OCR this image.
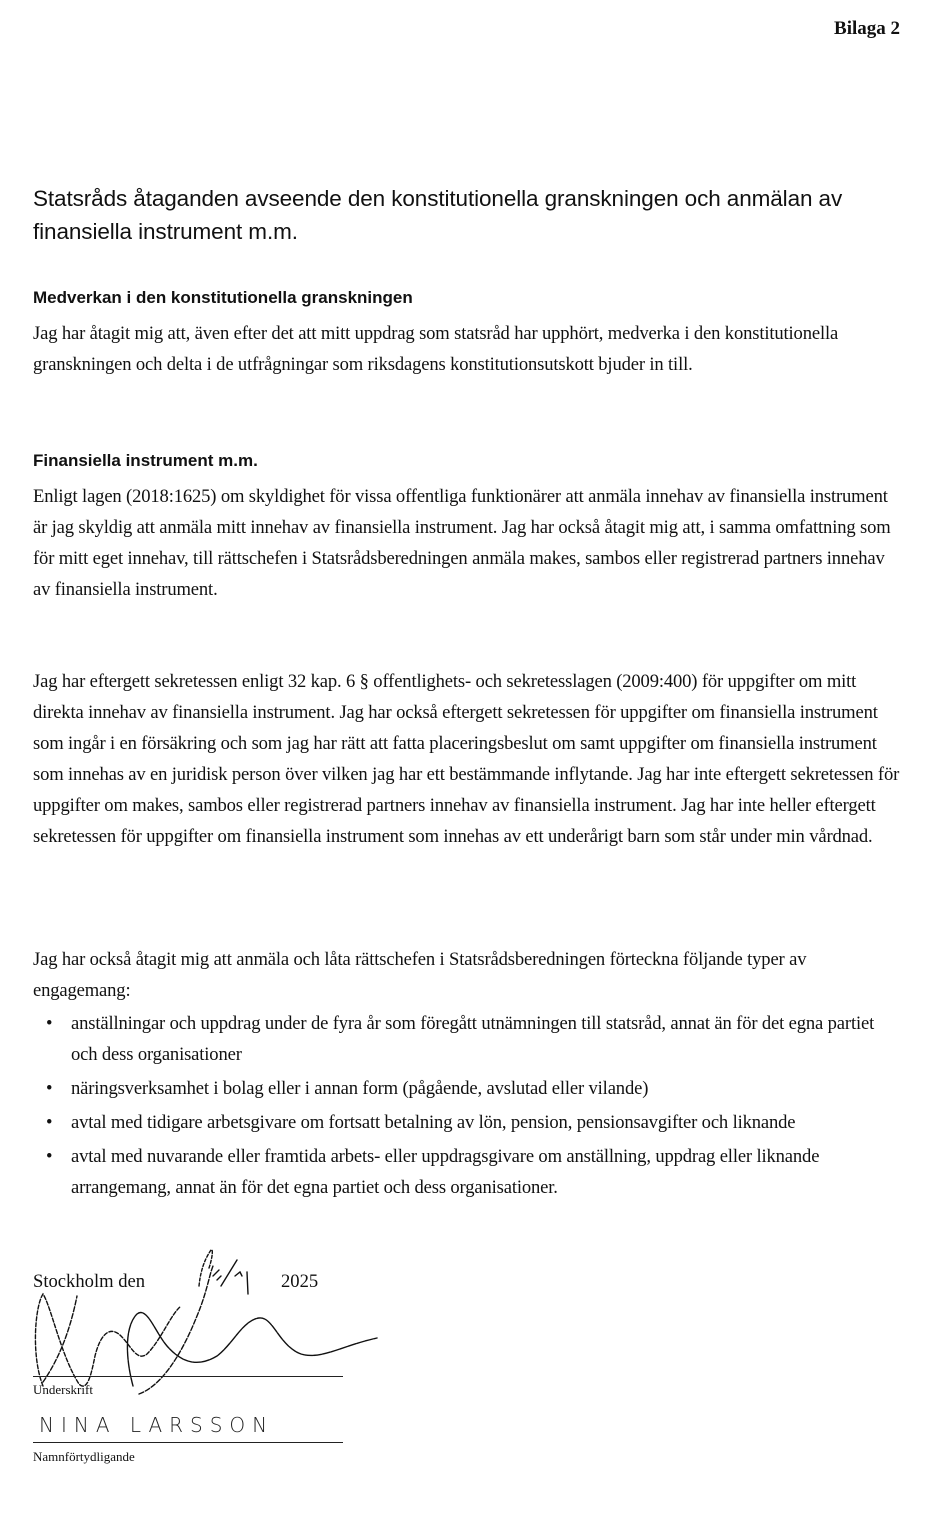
Bilaga 2
Statsråds åtaganden avseende den konstitutionella granskningen och anmälan av finansiella instrument m.m.
Medverkan i den konstitutionella granskningen

Jag har åtagit mig att, även efter det att mitt uppdrag som statsråd har upphört, medverka i den konstitutionella granskningen och delta i de utfrågningar som riksdagens konstitutionsutskott bjuder in till.

Finansiella instrument m.m.

Enligt lagen (2018:1625) om skyldighet för vissa offentliga funktionärer att anmäla innehav av finansiella instrument är jag skyldig att anmäla mitt innehav av finansiella instrument. Jag har också åtagit mig att, i samma omfattning som för mitt eget innehav, till rättschefen i Statsrådsberedningen anmäla makes, sambos eller registrerad partners innehav av finansiella instrument.

Jag har eftergett sekretessen enligt 32 kap. 6 § offentlighets- och sekretesslagen (2009:400) för uppgifter om mitt direkta innehav av finansiella instrument. Jag har också eftergett sekretessen för uppgifter om finansiella instrument som ingår i en försäkring och som jag har rätt att fatta placeringsbeslut om samt uppgifter om finansiella instrument som innehas av en juridisk person över vilken jag har ett bestämmande inflytande. Jag har inte eftergett sekretessen för uppgifter om makes, sambos eller registrerad partners innehav av finansiella instrument. Jag har inte heller eftergett sekretessen för uppgifter om finansiella instrument som innehas av ett underårigt barn som står under min vårdnad.

Jag har också åtagit mig att anmäla och låta rättschefen i Statsrådsberedningen förteckna följande typer av engagemang:

• anställningar och uppdrag under de fyra år som föregått utnämningen till statsråd, annat än för det egna partiet och dess organisationer
• näringsverksamhet i bolag eller i annan form (pågående, avslutad eller vilande)
• avtal med tidigare arbetsgivare om fortsatt betalning av lön, pension, pensionsavgifter och liknande
• avtal med nuvarande eller framtida arbets- eller uppdragsgivare om anställning, uppdrag eller liknande arrangemang, annat än för det egna partiet och dess organisationer.
Stockholm den	2025
Underskrift
NINA LARSSON
Namnförtydligande
